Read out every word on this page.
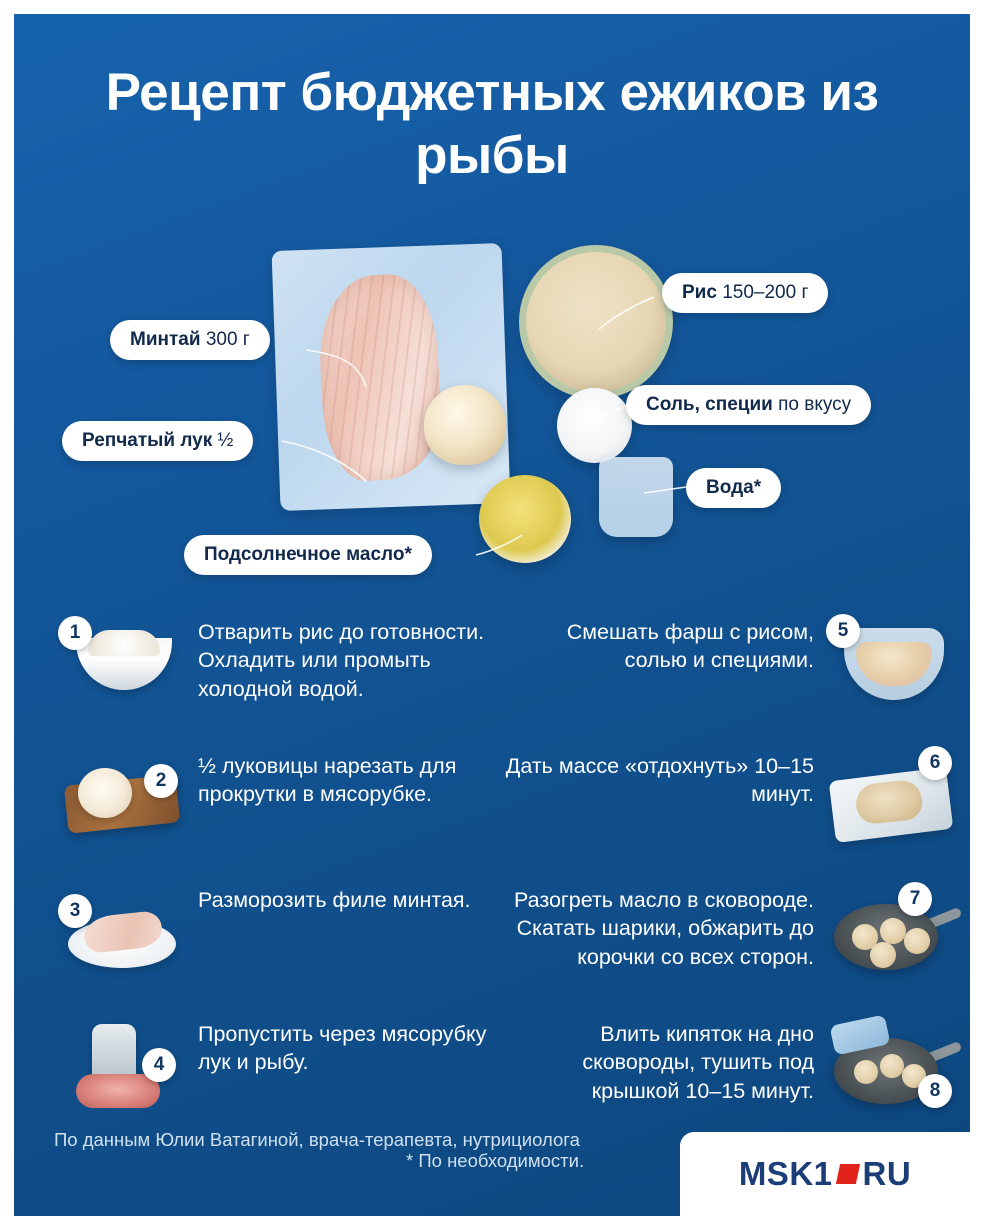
Рецепт бюджетных ежиков из рыбы
Минтай 300 г
Рис 150–200 г
Соль, специи по вкусу
Репчатый лук ½
Вода*
Подсолнечное масло*
1	Отварить рис до готовности. Охладить или промыть холодной водой.
2
½ луковицы нарезать для прокрутки в мясорубке.
3	Разморозить филе минтая.
4
Пропустить через мясорубку лук и рыбу.
5
Смешать фарш с рисом, солью и специями.
6
Дать массе «отдохнуть» 10–15 минут.
7
Разогреть масло в сковороде. Скатать шарики, обжарить до корочки со всех сторон.
8
Влить кипяток на дно сковороды, тушить под крышкой 10–15 минут.
По данным Юлии Ватагиной, врача-терапевта, нутрициолога
* По необходимости.	MSK1 RU
